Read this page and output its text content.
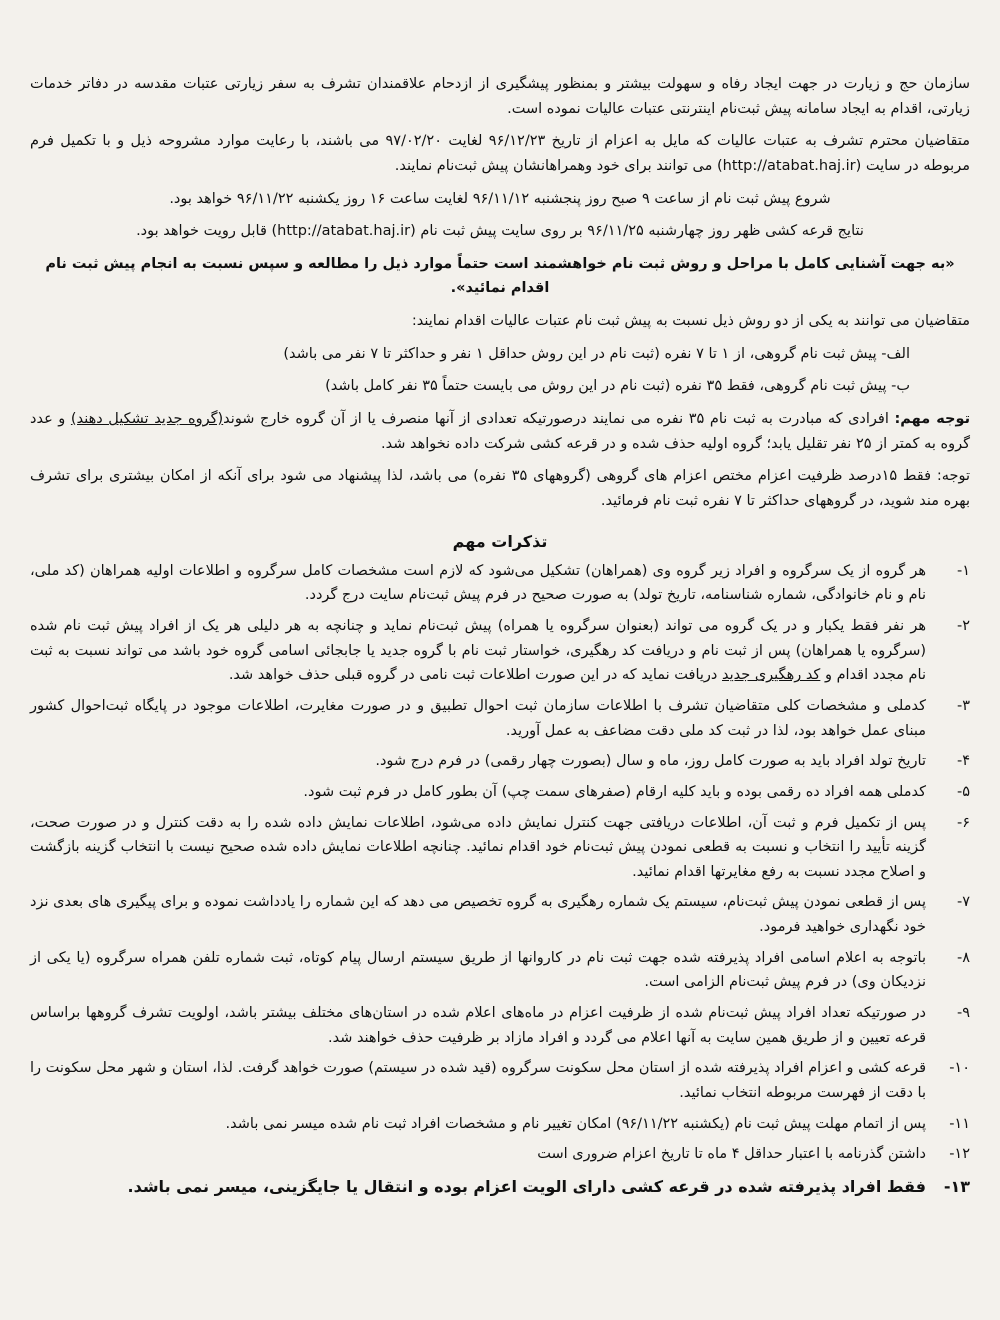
سازمان حج و زیارت در جهت ایجاد رفاه و سهولت بیشتر و بمنظور پیشگیری از ازدحام علاقمندان تشرف به سفر زیارتی عتبات مقدسه در دفاتر خدمات زیارتی، اقدام به ایجاد سامانه پیش ثبت‌نام اینترنتی عتبات عالیات نموده است.

متقاضیان محترم تشرف به عتبات عالیات که مایل به اعزام از تاریخ ۹۶/۱۲/۲۳ لغایت ۹۷/۰۲/۲۰ می باشند، با رعایت موارد مشروحه ذیل و با تکمیل فرم مربوطه در سایت (http://atabat.haj.ir) می توانند برای خود وهمراهانشان پیش ثبت‌نام نمایند.

شروع پیش ثبت نام از ساعت ۹ صبح روز پنجشنبه ۹۶/۱۱/۱۲ لغایت ساعت ۱۶ روز یکشنبه ۹۶/۱۱/۲۲ خواهد بود.

نتایج قرعه کشی ظهر روز چهارشنبه ۹۶/۱۱/۲۵ بر روی سایت پیش ثبت نام (http://atabat.haj.ir) قابل رویت خواهد بود.

«به جهت آشنایی کامل با مراحل و روش ثبت نام خواهشمند است حتماً موارد ذیل را مطالعه و سپس نسبت به انجام پیش ثبت نام اقدام نمائید».

متقاضیان می توانند به یکی از دو روش ذیل نسبت به پیش ثبت نام عتبات عالیات اقدام نمایند:

الف- پیش ثبت نام گروهی، از ۱ تا ۷ نفره (ثبت نام در این روش حداقل ۱ نفر و حداکثر تا ۷ نفر می باشد)

ب- پیش ثبت نام گروهی، فقط ۳۵ نفره (ثبت نام در این روش می بایست حتماً ۳۵ نفر کامل باشد)

توجه مهم: افرادی که مبادرت به ثبت نام ۳۵ نفره می نمایند درصورتیکه تعدادی از آنها منصرف یا از آن گروه خارج شوند(گروه جدید تشکیل دهند) و عدد گروه به کمتر از ۲۵ نفر تقلیل یابد؛ گروه اولیه حذف شده و در قرعه کشی شرکت داده نخواهد شد.

توجه: فقط ۱۵درصد ظرفیت اعزام مختص اعزام های گروهی (گروههای ۳۵ نفره) می باشد، لذا پیشنهاد می شود برای آنکه از امکان بیشتری برای تشرف بهره مند شوید، در گروههای حداکثر تا ۷ نفره ثبت نام فرمائید.

تذکرات مهم
۱-
هر گروه از یک سرگروه و افراد زیر گروه وی (همراهان) تشکیل می‌شود که لازم است مشخصات کامل سرگروه و اطلاعات اولیه همراهان (کد ملی، نام و نام خانوادگی، شماره شناسنامه، تاریخ تولد) به صورت صحیح در فرم پیش ثبت‌نام سایت درج گردد.
۲-
هر نفر فقط یکبار و در یک گروه می تواند (بعنوان سرگروه یا همراه) پیش ثبت‌نام نماید و چنانچه به هر دلیلی هر یک از افراد پیش ثبت نام شده (سرگروه یا همراهان) پس از ثبت نام و دریافت کد رهگیری، خواستار ثبت نام با گروه جدید یا جابجائی اسامی گروه خود باشد می تواند نسبت به ثبت نام مجدد اقدام و کد رهگیری جدید دریافت نماید که در این صورت اطلاعات ثبت نامی در گروه قبلی حذف خواهد شد.
۳-
کدملی و مشخصات کلی متقاضیان تشرف با اطلاعات سازمان ثبت احوال تطبیق و در صورت مغایرت، اطلاعات موجود در پایگاه ثبت‌احوال کشور مبنای عمل خواهد بود، لذا در ثبت کد ملی دقت مضاعف به عمل آورید.
۴-
تاریخ تولد افراد باید به صورت کامل روز، ماه و سال (بصورت چهار رقمی) در فرم درج شود.
۵-
کدملی همه افراد ده رقمی بوده و باید کلیه ارقام (صفرهای سمت چپ) آن بطور کامل در فرم ثبت شود.
۶-
پس از تکمیل فرم و ثبت آن، اطلاعات دریافتی جهت کنترل نمایش داده می‌شود، اطلاعات نمایش داده شده را به دقت کنترل و در صورت صحت، گزینه تأیید را انتخاب و نسبت به قطعی نمودن پیش ثبت‌نام خود اقدام نمائید. چنانچه اطلاعات نمایش داده شده صحیح نیست با انتخاب گزینه بازگشت و اصلاح مجدد نسبت به رفع مغایرتها اقدام نمائید.
۷-
پس از قطعی نمودن پیش ثبت‌نام، سیستم یک شماره رهگیری به گروه تخصیص می دهد که این شماره را یادداشت نموده و برای پیگیری های بعدی نزد خود نگهداری خواهید فرمود.
۸-
باتوجه به اعلام اسامی افراد پذیرفته شده جهت ثبت نام در کاروانها از طریق سیستم ارسال پیام کوتاه، ثبت شماره تلفن همراه سرگروه (یا یکی از نزدیکان وی) در فرم پیش ثبت‌نام الزامی است.
۹-
در صورتیکه تعداد افراد پیش ثبت‌نام شده از ظرفیت اعزام در ماه‌های اعلام شده در استان‌های مختلف بیشتر باشد، اولویت تشرف گروهها براساس قرعه تعیین و از طریق همین سایت به آنها اعلام می گردد و افراد مازاد بر ظرفیت حذف خواهند شد.
۱۰-
قرعه کشی و اعزام افراد پذیرفته شده از استان محل سکونت سرگروه (قید شده در سیستم) صورت خواهد گرفت. لذا، استان و شهر محل سکونت را با دقت از فهرست مربوطه انتخاب نمائید.
۱۱-
پس از اتمام مهلت پیش ثبت نام (یکشنبه ۹۶/۱۱/۲۲) امکان تغییر نام و مشخصات افراد ثبت نام شده میسر نمی باشد.
۱۲-
داشتن گذرنامه با اعتبار حداقل ۴ ماه تا تاریخ اعزام ضروری است
۱۳-
فقط افراد پذیرفته شده در قرعه کشی دارای الویت اعزام بوده و انتقال یا جایگزینی، میسر نمی باشد.
